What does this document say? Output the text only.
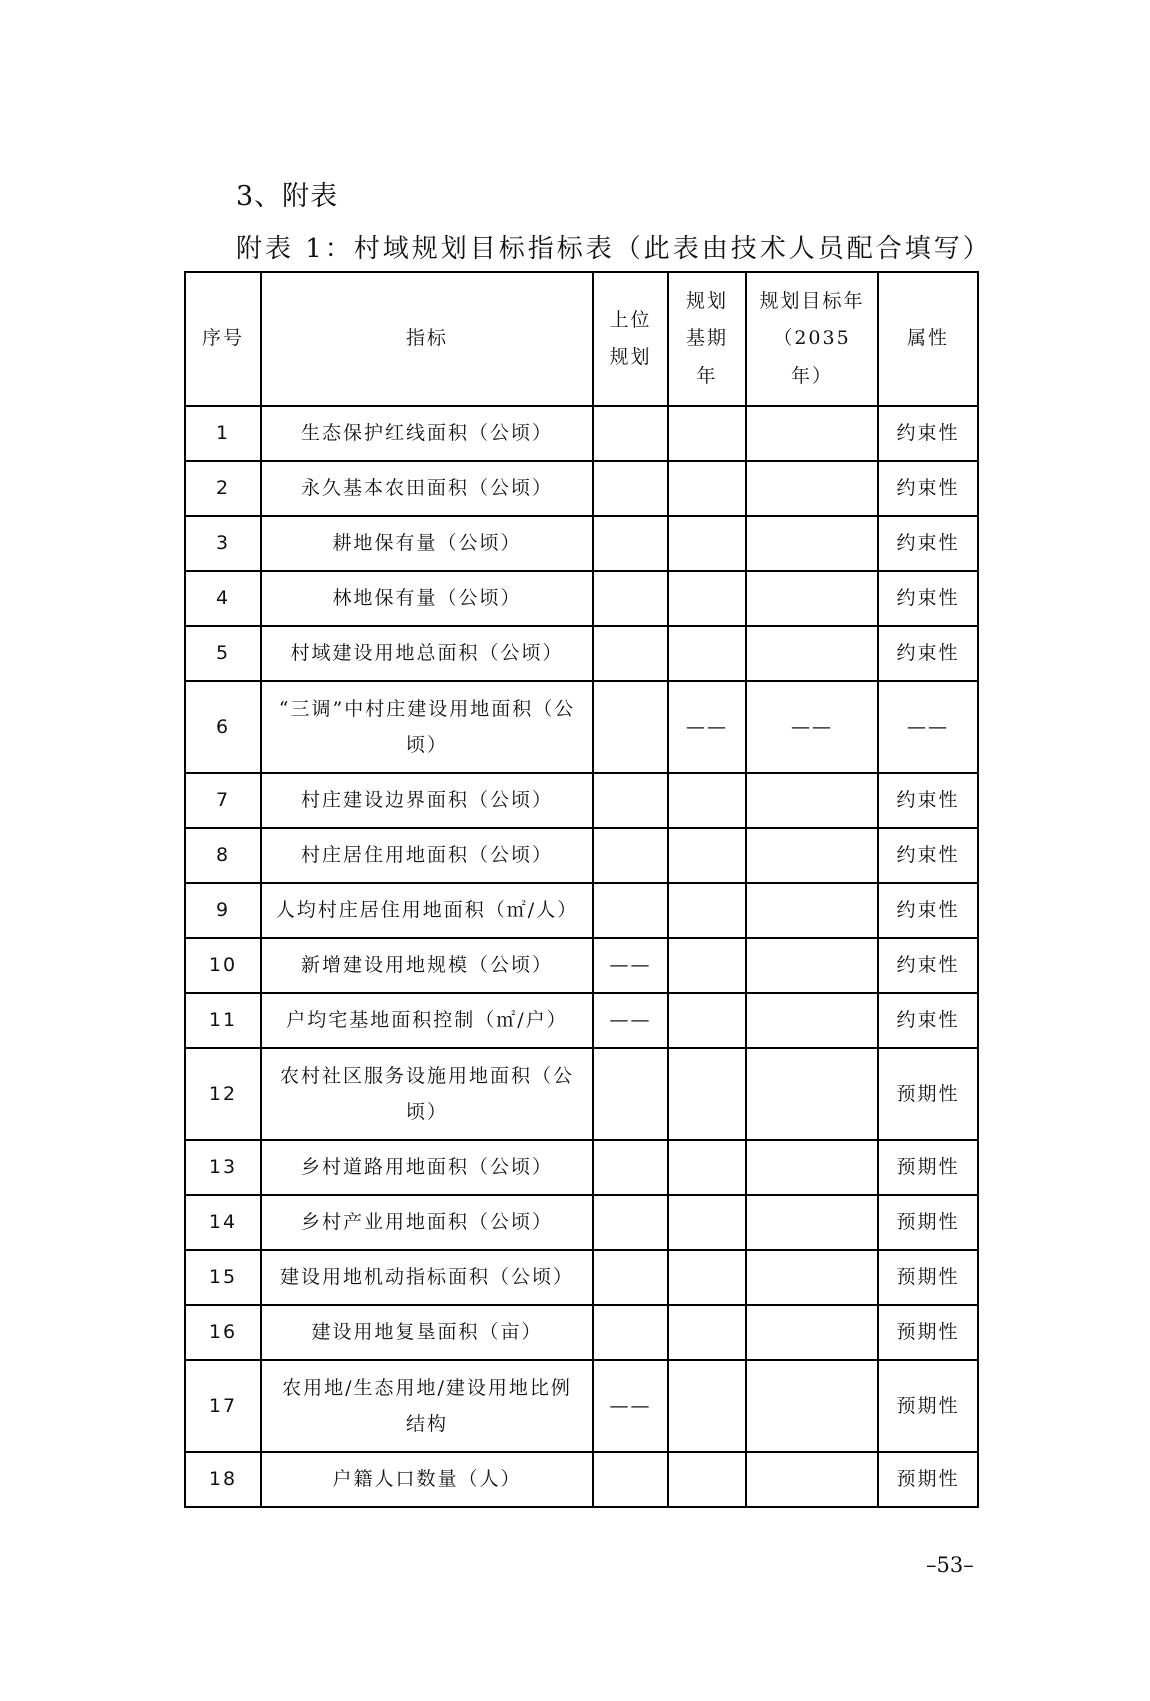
3、附表
附表 1：村域规划目标指标表（此表由技术人员配合填写）
序号	指标	上位规划	规划基期年	规划目标年（2035 年）	属性
1	生态保护红线面积（公顷）				约束性
2	永久基本农田面积（公顷）				约束性
3	耕地保有量（公顷）				约束性
4	林地保有量（公顷）				约束性
5	村域建设用地总面积（公顷）				约束性
6	“三调”中村庄建设用地面积（公顷）		——	——	——
7	村庄建设边界面积（公顷）				约束性
8	村庄居住用地面积（公顷）				约束性
9	人均村庄居住用地面积（㎡/人）				约束性
10	新增建设用地规模（公顷）	——			约束性
11	户均宅基地面积控制（㎡/户）	——			约束性
12	农村社区服务设施用地面积（公顷）				预期性
13	乡村道路用地面积（公顷）				预期性
14	乡村产业用地面积（公顷）				预期性
15	建设用地机动指标面积（公顷）				预期性
16	建设用地复垦面积（亩）				预期性
17	农用地/生态用地/建设用地比例结构	——			预期性
18	户籍人口数量（人）				预期性
–53–
